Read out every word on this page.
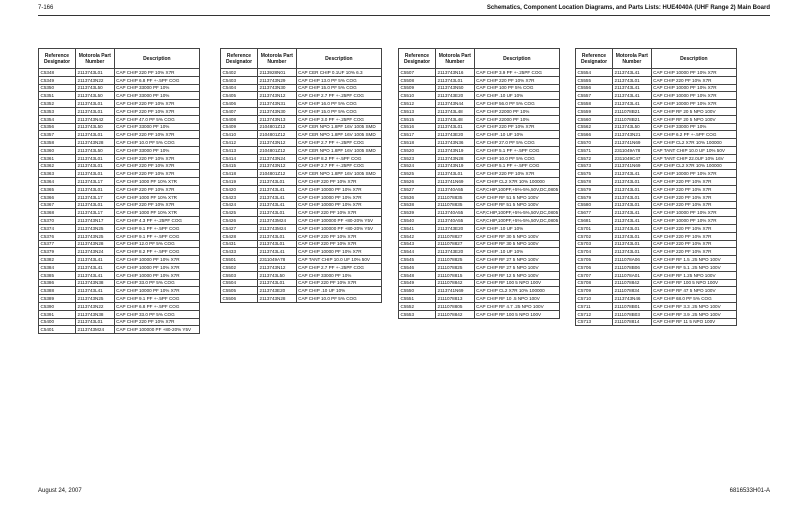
7-166	Schematics, Component Location Diagrams, and Parts Lists: HUE4040A (UHF Range 2) Main Board
Reference Designator	Motorola Part Number	Description
C5348	2113743L01	CAP CHIP 220 PF 10% X7R
C5349	2113743N22	CAP CHIP 6.8 PF +-.5PF COG
C5350	2113743L50	CAP CHIP 33000 PF 10%
C5351	2113743L50	CAP CHIP 33000 PF 10%
C5352	2113743L01	CAP CHIP 220 PF 10% X7R
C5353	2113743L01	CAP CHIP 220 PF 10% X7R
C5354	2113743N42	CAP CHIP 47.0 PF 5% COG
C5356	2113743L50	CAP CHIP 33000 PF 10%
C5357	2113743L01	CAP CHIP 220 PF 10% X7R
C5358	2113743N28	CAP CHIP 10.0 PF 5% COG
C5360	2113743L50	CAP CHIP 33000 PF 10%
C5361	2113743L01	CAP CHIP 220 PF 10% X7R
C5362	2113743L01	CAP CHIP 220 PF 10% X7R
C5363	2113743L01	CAP CHIP 220 PF 10% X7R
C5364	2113743L17	CAP CHIP 1000 PF 10% X7R
C5365	2113743L01	CAP CHIP 220 PF 10% X7R
C5366	2113743L17	CAP CHIP 1000 PF 10% X7R
C5367	2113743L01	CAP CHIP 220 PF 10% X7R
C5368	2113743L17	CAP CHIP 1000 PF 10% X7R
C5370	2113743N17	CAP CHIP 4.3 PF +-.25PF COG
C5374	2113743N25	CAP CHIP 9.1 PF +-.5PF COG
C5376	2113743N25	CAP CHIP 9.1 PF +-.5PF COG
C5377	2113743N28	CAP CHIP 12.0 PF 5% COG
C5379	2113743N24	CAP CHIP 8.2 PF +-.5PF COG
C5382	2113743L41	CAP CHIP 10000 PF 10% X7R
C5384	2113743L41	CAP CHIP 10000 PF 10% X7R
C5385	2113743L41	CAP CHIP 10000 PF 10% X7R
C5386	2113743N38	CAP CHIP 33.0 PF 5% COG
C5388	2113743L41	CAP CHIP 10000 PF 10% X7R
C5389	2113743N25	CAP CHIP 9.1 PF +-.5PF COG
C5390	2113743N22	CAP CHIP 6.8 PF +-.5PF COG
C5391	2113743N38	CAP CHIP 33.0 PF 5% COG
C5400	2113743L01	CAP CHIP 220 PF 10% X7R
C5401	2113743M24	CAP CHIP 100000 PF +80-20% Y5V
Reference Designator	Motorola Part Number	Description
C5402	2113928N01	CAP CER CHIP 0.1UF 10% 6.3
C5403	2113743N29	CAP CHIP 13.0 PF 5% COG
C5404	2113743N30	CAP CHIP 15.0 PF 5% COG
C5405	2113743N12	CAP CHIP 2.7 PF +-.25PF COG
C5406	2113743N31	CAP CHIP 16.0 PF 5% COG
C5407	2113743N30	CAP CHIP 15.0 PF 5% COG
C5408	2113743N13	CAP CHIP 3.0 PF +-.25PF COG
C5409	2104801Z12	CAP CER NPO 1.8PF 16V 1005 SMD
C5410	2104801Z12	CAP CER NPO 1.8PF 16V 1005 SMD
C5412	2113743N12	CAP CHIP 2.7 PF +-.25PF COG
C5413	2104801Z12	CAP CER NPO 1.8PF 16V 1005 SMD
C5414	2113743N24	CAP CHIP 8.2 PF +-.5PF COG
C5415	2113743N12	CAP CHIP 2.7 PF +-.25PF COG
C5418	2104801Z12	CAP CER NPO 1.8PF 16V 1005 SMD
C5419	2113743L01	CAP CHIP 220 PF 10% X7R
C5420	2113743L41	CAP CHIP 10000 PF 10% X7R
C5423	2113743L41	CAP CHIP 10000 PF 10% X7R
C5424	2113743L41	CAP CHIP 10000 PF 10% X7R
C5425	2113743L01	CAP CHIP 220 PF 10% X7R
C5426	2113743M24	CAP CHIP 100000 PF +80-20% Y5V
C5427	2113743M24	CAP CHIP 100000 PF +80-20% Y5V
C5428	2113743L01	CAP CHIP 220 PF 10% X7R
C5431	2113743L01	CAP CHIP 220 PF 10% X7R
C5433	2113743L41	CAP CHIP 10000 PF 10% X7R
C5501	2311049A78	CAP TANT CHIP 10.0 UF 10% 50V
C5502	2113743N12	CAP CHIP 2.7 PF +-.25PF COG
C5503	2113743L50	CAP CHIP 33000 PF 10%
C5504	2113743L01	CAP CHIP 220 PF 10% X7R
C5505	2113743E20	CAP CHIP .10 UF 10%
C5506	2113743N28	CAP CHIP 10.0 PF 5% COG
Reference Designator	Motorola Part Number	Description
C5507	2113743N16	CAP CHIP 3.9 PF +-.25PF COG
C5508	2113743L01	CAP CHIP 220 PF 10% X7R
C5509	2113743N50	CAP CHIP 100 PF 5% COG
C5510	2113743E20	CAP CHIP .10 UF 10%
C5512	2113743N44	CAP CHIP 56.0 PF 5% COG
C5513	2113743L48	CAP CHIP 22000 PF 10%
C5515	2113743L48	CAP CHIP 22000 PF 10%
C5516	2113743L01	CAP CHIP 220 PF 10% X7R
C5517	2113743E20	CAP CHIP .10 UF 10%
C5518	2113743N36	CAP CHIP 27.0 PF 5% COG
C5520	2113743N19	CAP CHIP 5.1 PF +-.5PF COG
C5523	2113743N28	CAP CHIP 10.0 PF 5% COG
C5524	2113743N19	CAP CHIP 5.1 PF +-.5PF COG
C5525	2113743L01	CAP CHIP 220 PF 10% X7R
C5526	2113741N69	CAP CHIP CL2 X7R 10% 100000
C5527	2113740A55	CAP,CHIP,100PF,+5%-5%,50V,DC,0805
C5536	2111078835	CAP CHIP RF 51 5 NPO 100V
C5538	2111078835	CAP CHIP RF 51 5 NPO 100V
C5539	2113740A55	CAP,CHIP,100PF,+5%-5%,50V,DC,0805
C5540	2113740A55	CAP,CHIP,100PF,+5%-5%,50V,DC,0805
C5541	2113743E20	CAP CHIP .10 UF 10%
C5542	2111078827	CAP CHIP RF 30 5 NPO 100V
C5543	2111078827	CAP CHIP RF 30 5 NPO 100V
C5544	2113743E20	CAP CHIP .10 UF 10%
C5545	2111078825	CAP CHIP RF 27 5 NPO 100V
C5546	2111078825	CAP CHIP RF 27 5 NPO 100V
C5548	2111078815	CAP CHIP RF 12 5 NPO 100V
C5549	2111078842	CAP CHIP RF 100 5 NPO 100V
C5550	2113741N69	CAP CHIP CL2 X7R 10% 100000
C5551	2111078813	CAP CHIP RF 10 .5 NPO 100V
C5552	2111078805	CAP CHIP RF 4.7 .25 NPO 100V
C5553	2111078842	CAP CHIP RF 100 5 NPO 100V
Reference Designator	Motorola Part Number	Description
C5554	2113743L41	CAP CHIP 10000 PF 10% X7R
C5555	2113743L01	CAP CHIP 220 PF 10% X7R
C5556	2113743L41	CAP CHIP 10000 PF 10% X7R
C5557	2113743L41	CAP CHIP 10000 PF 10% X7R
C5558	2113743L41	CAP CHIP 10000 PF 10% X7R
C5559	2111078B21	CAP CHIP RF 20 5 NPO 100V
C5560	2111078B21	CAP CHIP RF 20 5 NPO 100V
C5562	2113743L50	CAP CHIP 33000 PF 10%
C5566	2113743N21	CAP CHIP 6.2 PF +-.5PF COG
C5570	2113741N69	CAP CHIP CL2 X7R 10% 100000
C5571	2311049A78	CAP TANT CHIP 10.0 UF 10% 50V
C5572	2311049C47	CAP TANT CHIP 22.0UF 10% 16V
C5573	2113741N69	CAP CHIP CL2 X7R 10% 100000
C5575	2113743L41	CAP CHIP 10000 PF 10% X7R
C5578	2113743L01	CAP CHIP 220 PF 10% X7R
C5579	2113743L01	CAP CHIP 220 PF 10% X7R
C5579	2113743L01	CAP CHIP 220 PF 10% X7R
C5580	2113743L01	CAP CHIP 220 PF 10% X7R
C5677	2113743L41	CAP CHIP 10000 PF 10% X7R
C5681	2113743L41	CAP CHIP 10000 PF 10% X7R
C5701	2113743L01	CAP CHIP 220 PF 10% X7R
C5702	2113743L01	CAP CHIP 220 PF 10% X7R
C5703	2113743L01	CAP CHIP 220 PF 10% X7R
C5704	2113743L01	CAP CHIP 220 PF 10% X7R
C5705	2111078A06	CAP CHIP RF 1.5 .25 NPO 100V
C5706	2111078B06	CAP CHIP RF 5.1 .25 NPO 100V
C5707	2111078A01	CAP CHIP RF 1.25 NPO 100V
C5708	2111078842	CAP CHIP RF 100 5 NPO 100V
C5709	2111078834	CAP CHIP RF 47 5 NPO 100V
C5710	2113743N46	CAP CHIP 68.0 PF 5% COG
C5711	2111078B01	CAP CHIP RF 3.3 .25 NPO 100V
C5712	2111078B03	CAP CHIP RF 3.9 .25 NPO 100V
C5713	2111078814	CAP CHIP RF 11 5 NPO 100V
August 24, 2007	6816533H01-A
